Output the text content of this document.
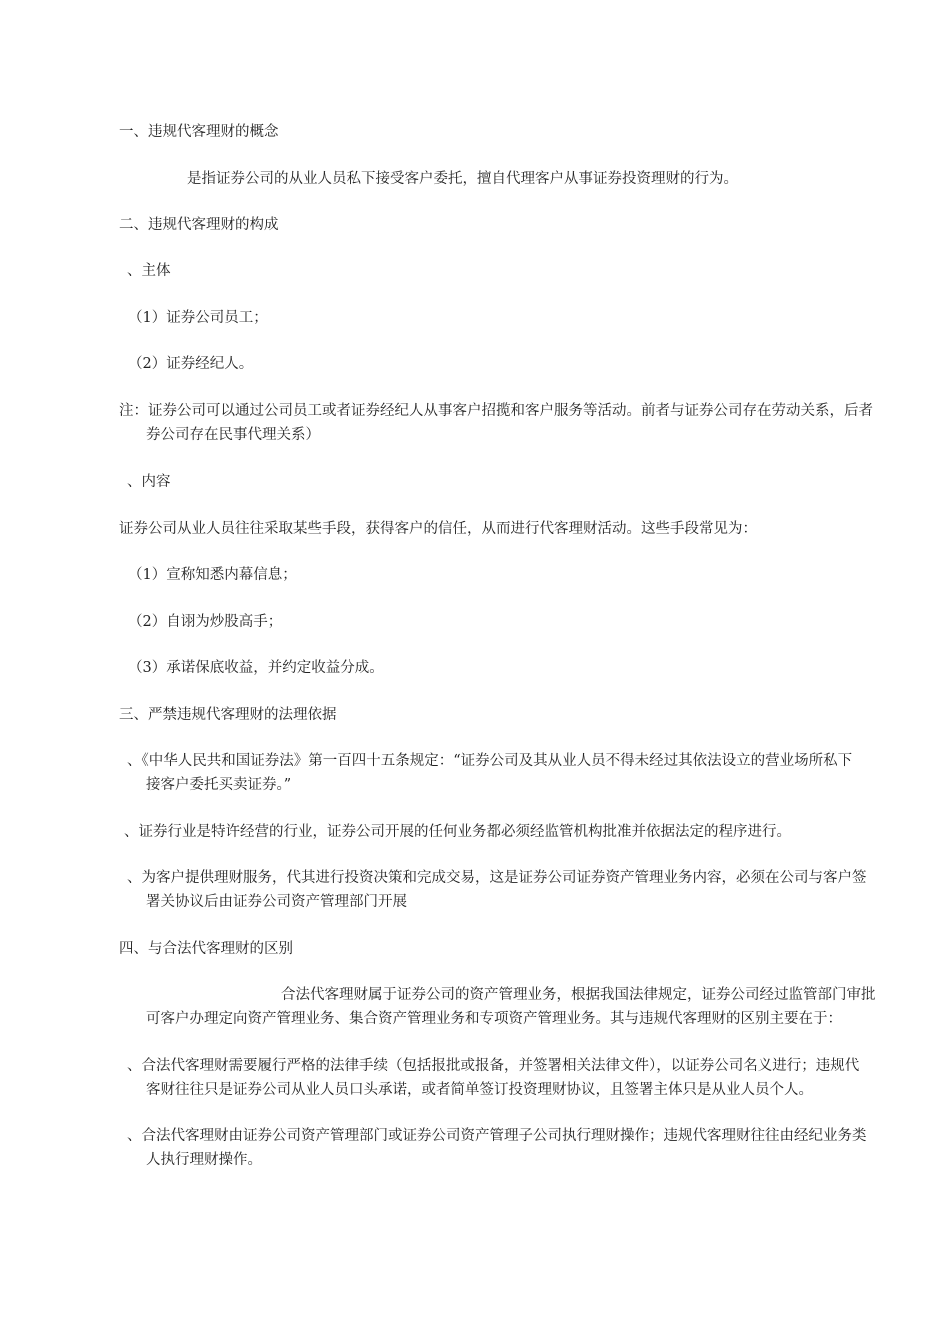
一、违规代客理财的概念

是指证券公司的从业人员私下接受客户委托，擅自代理客户从事证券投资理财的行为。

二、违规代客理财的构成

、主体

（1）证券公司员工；

（2）证券经纪人。

注：证券公司可以通过公司员工或者证券经纪人从事客户招揽和客户服务等活动。前者与证券公司存在劳动关系，后者

券公司存在民事代理关系）

、内容

证券公司从业人员往往采取某些手段，获得客户的信任，从而进行代客理财活动。这些手段常见为：

（1）宣称知悉内幕信息；

（2）自诩为炒股高手；

（3）承诺保底收益，并约定收益分成。

三、严禁违规代客理财的法理依据

、《中华人民共和国证券法》第一百四十五条规定：“证券公司及其从业人员不得未经过其依法设立的营业场所私下

接客户委托买卖证券。”

、证券行业是特许经营的行业，证券公司开展的任何业务都必须经监管机构批准并依据法定的程序进行。

、为客户提供理财服务，代其进行投资决策和完成交易，这是证券公司证券资产管理业务内容，必须在公司与客户签

署关协议后由证券公司资产管理部门开展

四、与合法代客理财的区别

合法代客理财属于证券公司的资产管理业务，根据我国法律规定，证券公司经过监管部门审批

可客户办理定向资产管理业务、集合资产管理业务和专项资产管理业务。其与违规代客理财的区别主要在于：

、合法代客理财需要履行严格的法律手续（包括报批或报备，并签署相关法律文件），以证券公司名义进行；违规代

客财往往只是证券公司从业人员口头承诺，或者简单签订投资理财协议，且签署主体只是从业人员个人。

、合法代客理财由证券公司资产管理部门或证券公司资产管理子公司执行理财操作；违规代客理财往往由经纪业务类

人执行理财操作。
